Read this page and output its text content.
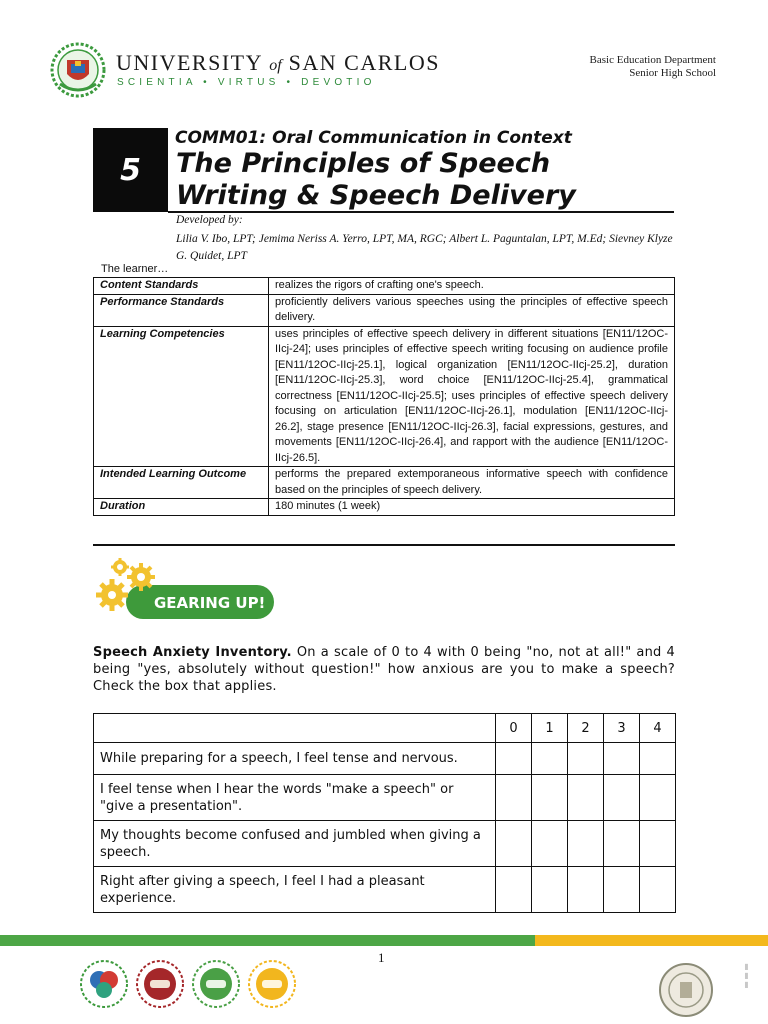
UNIVERSITY of SAN CARLOS
SCIENTIA • VIRTUS • DEVOTIO
Basic Education Department
Senior High School
5
COMM01: Oral Communication in Context
The Principles of Speech
Writing & Speech Delivery
Developed by:
Lilia V. Ibo, LPT; Jemima Neriss A. Yerro, LPT, MA, RGC; Albert L. Paguntalan, LPT, M.Ed; Sievney Klyze G. Quidet, LPT
The learner…
Content Standards	realizes the rigors of crafting one's speech.
Performance Standards	proficiently delivers various speeches using the principles of effective speech delivery.
Learning Competencies	uses principles of effective speech delivery in different situations [EN11/12OC-IIcj-24]; uses principles of effective speech writing focusing on audience profile [EN11/12OC-IIcj-25.1], logical organization [EN11/12OC-IIcj-25.2], duration [EN11/12OC-IIcj-25.3], word choice [EN11/12OC-IIcj-25.4], grammatical correctness [EN11/12OC-IIcj-25.5]; uses principles of effective speech delivery focusing on articulation [EN11/12OC-IIcj-26.1], modulation [EN11/12OC-IIcj-26.2], stage presence [EN11/12OC-IIcj-26.3], facial expressions, gestures, and movements [EN11/12OC-IIcj-26.4], and rapport with the audience [EN11/12OC-IIcj-26.5].
Intended Learning Outcome	performs the prepared extemporaneous informative speech with confidence based on the principles of speech delivery.
Duration	180 minutes (1 week)
GEARING UP!
Speech Anxiety Inventory. On a scale of 0 to 4 with 0 being "no, not at all!" and 4 being "yes, absolutely without question!" how anxious are you to make a speech? Check the box that applies.
	0	1	2	3	4
While preparing for a speech, I feel tense and nervous.					
I feel tense when I hear the words "make a speech" or "give a presentation".					
My thoughts become confused and jumbled when giving a speech.					
Right after giving a speech, I feel I had a pleasant experience.					
1
▮▮▮
